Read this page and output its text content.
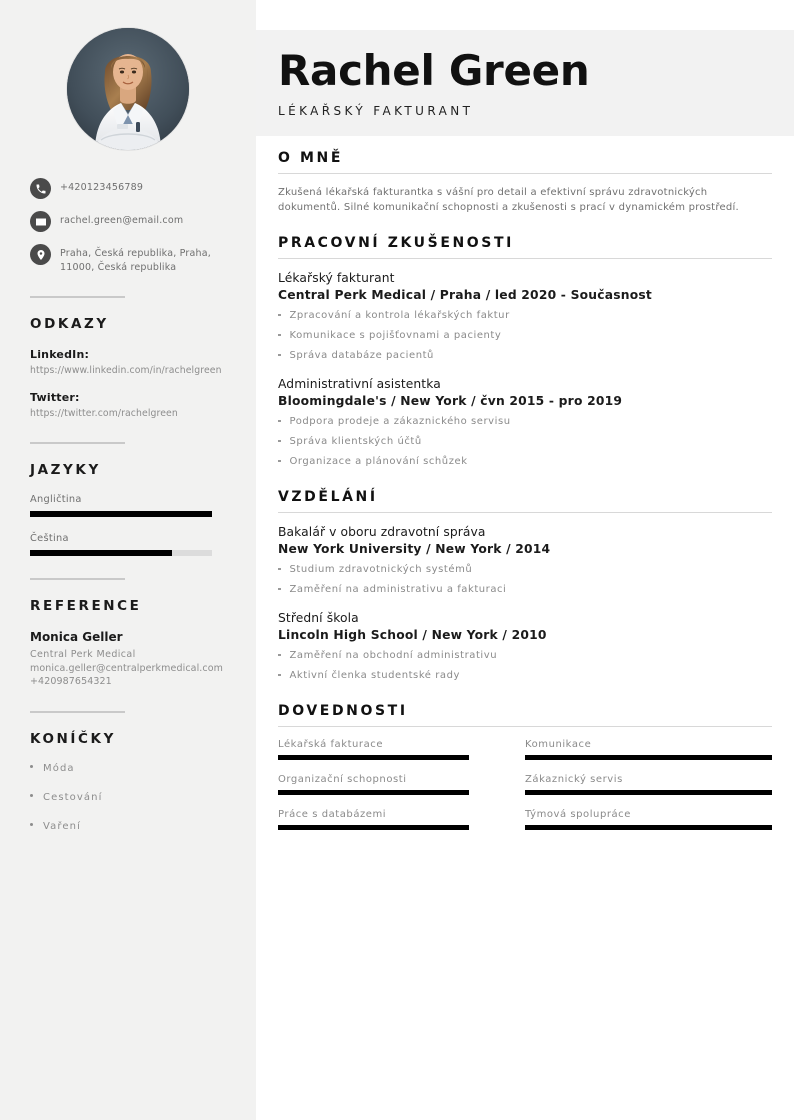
+420123456789
rachel.green@email.com
Praha, Česká republika, Praha, 11000, Česká republika
ODKAZY
LinkedIn:
https://www.linkedin.com/in/rachelgreen
Twitter:
https://twitter.com/rachelgreen
JAZYKY
Angličtina
Čeština
REFERENCE
Monica Geller
Central Perk Medical
monica.geller@centralperkmedical.com
+420987654321
KONÍČKY
Móda
Cestování
Vaření
Rachel Green
LÉKAŘSKÝ FAKTURANT
O MNĚ

Zkušená lékařská fakturantka s vášní pro detail a efektivní správu zdravotnických dokumentů. Silné komunikační schopnosti a zkušenosti s prací v dynamickém prostředí.

PRACOVNÍ ZKUŠENOSTI
Lékařský fakturant
Central Perk Medical / Praha / led 2020 - Současnost
Zpracování a kontrola lékařských faktur
Komunikace s pojišťovnami a pacienty
Správa databáze pacientů
Administrativní asistentka
Bloomingdale's / New York / čvn 2015 - pro 2019
Podpora prodeje a zákaznického servisu
Správa klientských účtů
Organizace a plánování schůzek
VZDĚLÁNÍ
Bakalář v oboru zdravotní správa
New York University / New York / 2014
Studium zdravotnických systémů
Zaměření na administrativu a fakturaci
Střední škola
Lincoln High School / New York / 2010
Zaměření na obchodní administrativu
Aktivní členka studentské rady
DOVEDNOSTI
Lékařská fakturace	Komunikace
Organizační schopnosti	Zákaznický servis
Práce s databázemi	Týmová spolupráce
